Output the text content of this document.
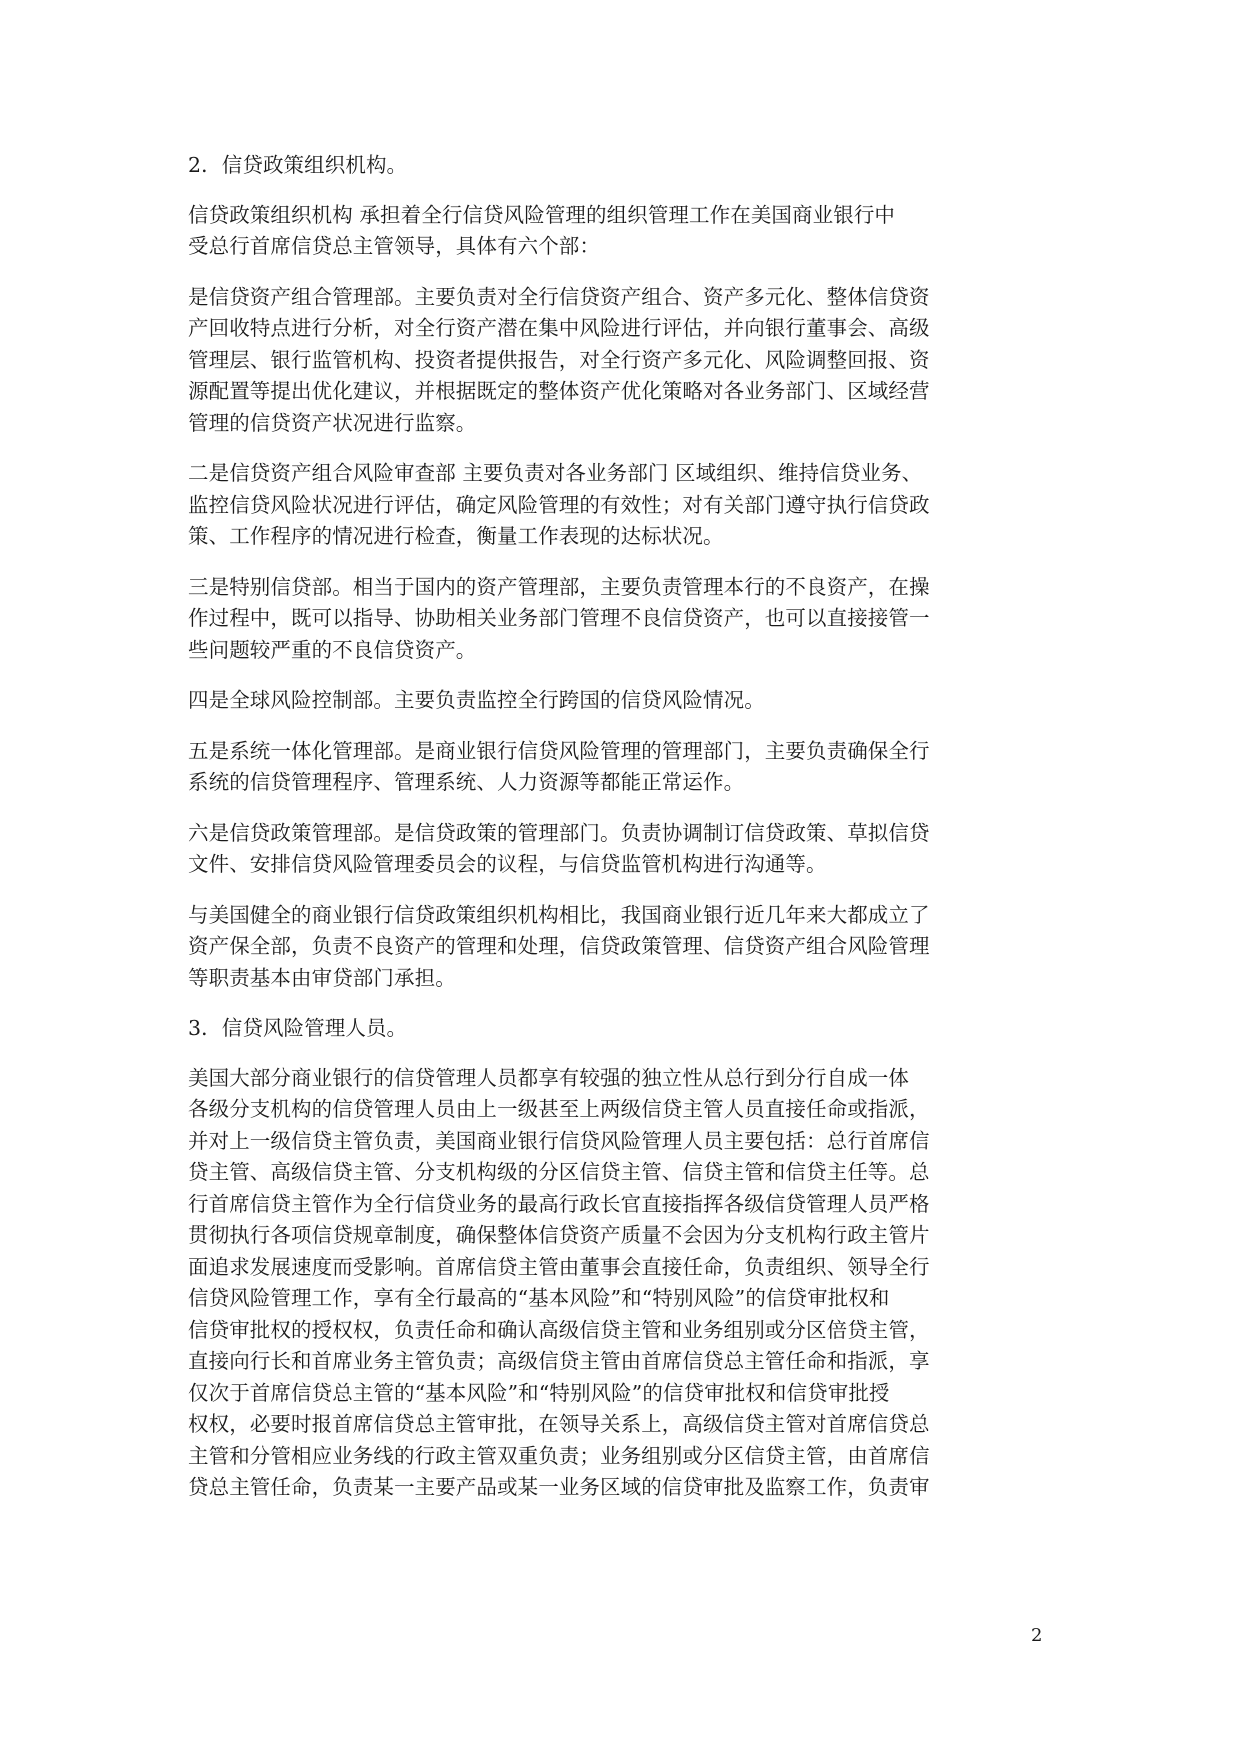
2．信贷政策组织机构。

信贷政策组织机构 承担着全行信贷风险管理的组织管理工作在美国商业银行中
受总行首席信贷总主管领导，具体有六个部：

是信贷资产组合管理部。主要负责对全行信贷资产组合、资产多元化、整体信贷资
产回收特点进行分析，对全行资产潜在集中风险进行评估，并向银行董事会、高级
管理层、银行监管机构、投资者提供报告，对全行资产多元化、风险调整回报、资
源配置等提出优化建议，并根据既定的整体资产优化策略对各业务部门、区域经营
管理的信贷资产状况进行监察。

二是信贷资产组合风险审查部 主要负责对各业务部门 区域组织、维持信贷业务、
监控信贷风险状况进行评估，确定风险管理的有效性；对有关部门遵守执行信贷政
策、工作程序的情况进行检查，衡量工作表现的达标状况。

三是特别信贷部。相当于国内的资产管理部，主要负责管理本行的不良资产，在操
作过程中，既可以指导、协助相关业务部门管理不良信贷资产，也可以直接接管一
些问题较严重的不良信贷资产。

四是全球风险控制部。主要负责监控全行跨国的信贷风险情况。

五是系统一体化管理部。是商业银行信贷风险管理的管理部门，主要负责确保全行
系统的信贷管理程序、管理系统、人力资源等都能正常运作。

六是信贷政策管理部。是信贷政策的管理部门。负责协调制订信贷政策、草拟信贷
文件、安排信贷风险管理委员会的议程，与信贷监管机构进行沟通等。

与美国健全的商业银行信贷政策组织机构相比，我国商业银行近几年来大都成立了
资产保全部，负责不良资产的管理和处理，信贷政策管理、信贷资产组合风险管理
等职责基本由审贷部门承担。

3．信贷风险管理人员。

美国大部分商业银行的信贷管理人员都享有较强的独立性从总行到分行自成一体
各级分支机构的信贷管理人员由上一级甚至上两级信贷主管人员直接任命或指派，
并对上一级信贷主管负责，美国商业银行信贷风险管理人员主要包括：总行首席信
贷主管、高级信贷主管、分支机构级的分区信贷主管、信贷主管和信贷主任等。总
行首席信贷主管作为全行信贷业务的最高行政长官直接指挥各级信贷管理人员严格
贯彻执行各项信贷规章制度，确保整体信贷资产质量不会因为分支机构行政主管片
面追求发展速度而受影响。首席信贷主管由董事会直接任命，负责组织、领导全行
信贷风险管理工作，享有全行最高的“基本风险”和“特别风险”的信贷审批权和
信贷审批权的授权权，负责任命和确认高级信贷主管和业务组别或分区倍贷主管，
直接向行长和首席业务主管负责；高级信贷主管由首席信贷总主管任命和指派，享
仅次于首席信贷总主管的“基本风险”和“特别风险”的信贷审批权和信贷审批授
权权，必要时报首席信贷总主管审批，在领导关系上，高级信贷主管对首席信贷总
主管和分管相应业务线的行政主管双重负责；业务组别或分区信贷主管，由首席信
贷总主管任命，负责某一主要产品或某一业务区域的信贷审批及监察工作，负责审

2
